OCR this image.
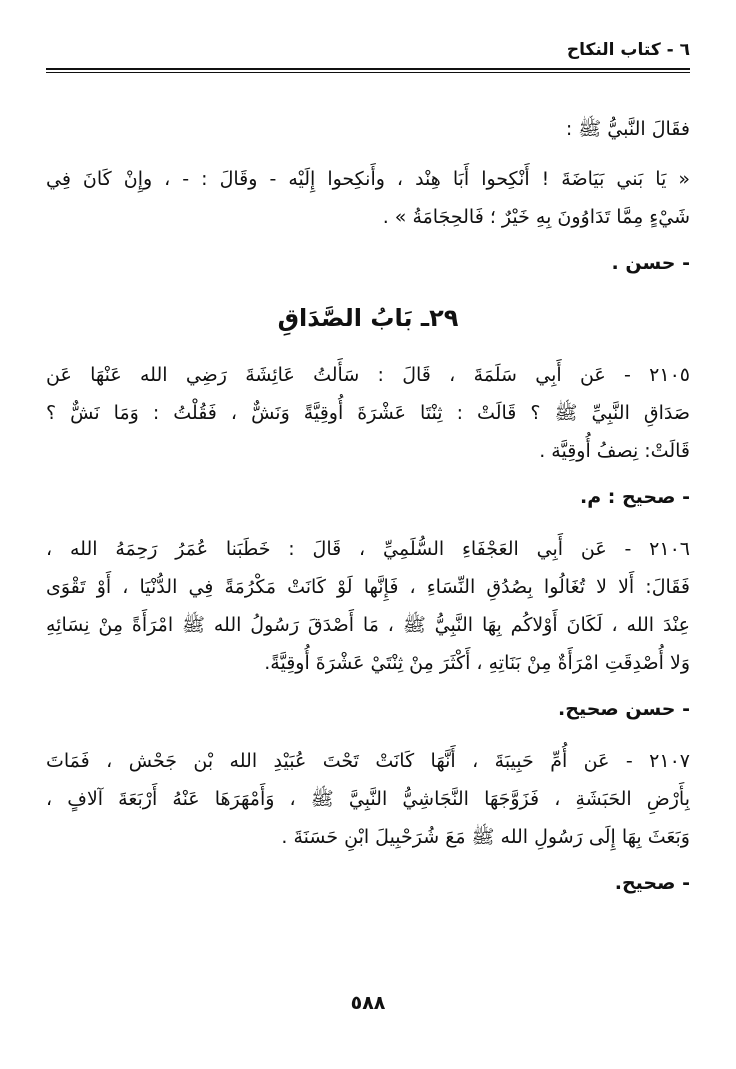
٦ - كتاب النكاح
فقَالَ النَّبيُّ ﷺ :
« يَا بَني بَيَاضَةَ ! أَنْكِحوا أَبَا هِنْد ، وأَنكِحوا إِلَيْه - وقَالَ : - ، وإِنْ كَانَ فِي
شَيْءٍ مِمَّا تَدَاوُونَ بِهِ خَيْرٌ ؛ فَالحِجَامَةُ » .
- حسن .
٢٩ـ بَابُ الصَّدَاقِ
٢١٠٥ - عَن أَبِي سَلَمَةَ ، قَالَ : سَأَلتُ عَائِشَةَ رَضِي الله عَنْهَا عَن
صَدَاقِ النَّبِيِّ ﷺ ؟ قَالَتْ : ثِنْتَا عَشْرَةَ أُوقِيَّةً وَنَشٌّ ، فَقُلْتُ : وَمَا نَشٌّ ؟
قَالَتْ: نِصفُ أُوقِيَّة .
- صحيح : م.
٢١٠٦ - عَن أَبِي العَجْفَاءِ السُّلَمِيِّ ، قَالَ : خَطَبَنا عُمَرُ رَحِمَهُ الله ،
فَقَالَ: أَلا لا تُغَالُوا بِصُدُقِ النِّسَاءِ ، فَإِنَّها لَوْ كَانَتْ مَكْرُمَةً فِي الدُّنْيَا ، أَوْ تَقْوَى
عِنْدَ الله ، لَكَانَ أَوْلاكُم بِهَا النَّبِيُّ ﷺ ، مَا أَصْدَقَ رَسُولُ الله ﷺ امْرَأَةً مِنْ نِسَائِهِ
وَلا أُصْدِقَتِ امْرَأَةٌ مِنْ بَنَاتِهِ ، أَكْثَرَ مِنْ ثِنْتَيْ عَشْرَةَ أُوقِيَّةً.
- حسن صحيح.
٢١٠٧ - عَن أُمِّ حَبِيبَةَ ، أَنَّهَا كَانَتْ تَحْتَ عُبَيْدِ الله بْن جَحْش ، فَمَاتَ
بِأَرْضِ الحَبَشَةِ ، فَزَوَّجَهَا النَّجَاشِيُّ النَّبِيَّ ﷺ ، وَأَمْهَرَهَا عَنْهُ أَرْبَعَةَ آلافٍ ،
وَبَعَثَ بِهَا إِلَى رَسُولِ الله ﷺ مَعَ شُرَحْبِيلَ ابْنِ حَسَنَةَ .
- صحيح.
٥٨٨
